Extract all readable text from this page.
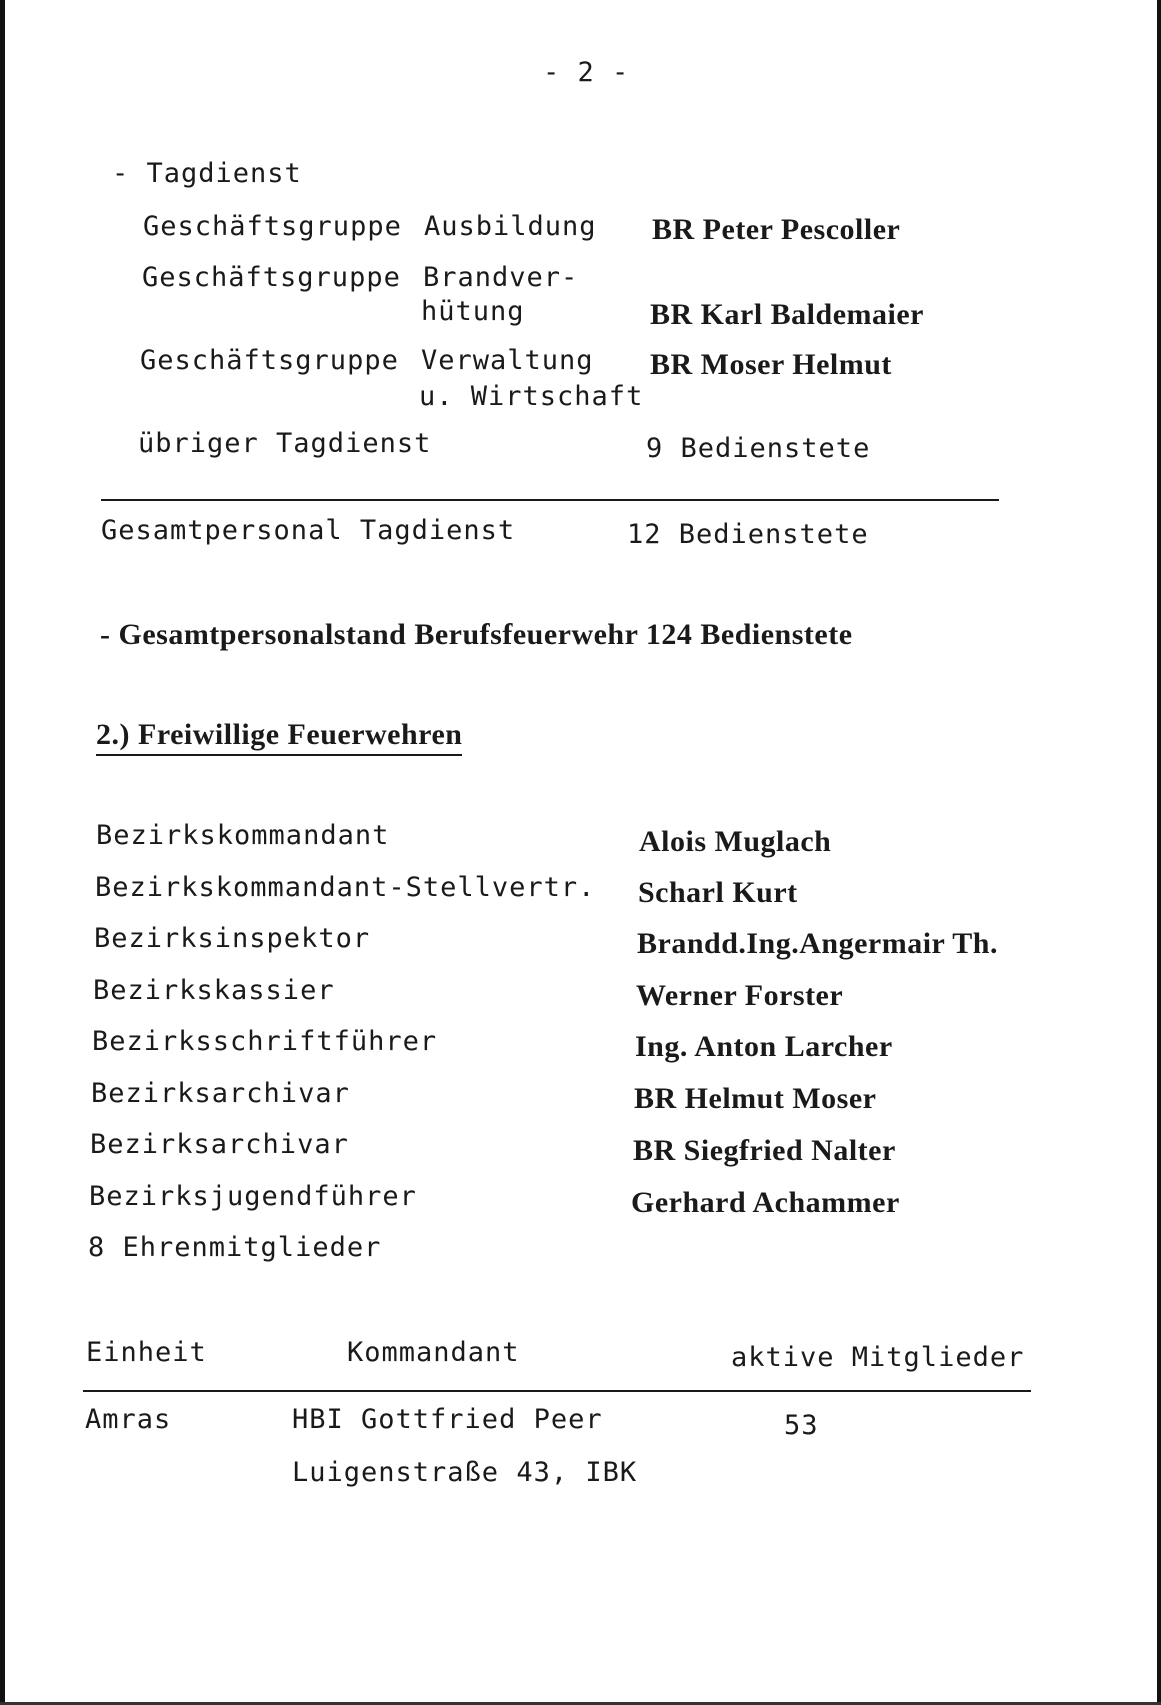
- 2 -
- Tagdienst
Geschäftsgruppe Ausbildung BR Peter Pescoller
Geschäftsgruppe Brandver-
hütung	BR Karl Baldemaier
Geschäftsgruppe Verwaltung
u. Wirtschaft
BR Moser Helmut
übriger Tagdienst	9 Bedienstete
Gesamtpersonal Tagdienst	12 Bedienstete
- Gesamtpersonalstand Berufsfeuerwehr 124 Bedienstete
2.) Freiwillige Feuerwehren
Bezirkskommandant	Alois Muglach
Bezirkskommandant-Stellvertr. Scharl Kurt
Bezirksinspektor	Brandd.Ing.Angermair Th.
Bezirkskassier	Werner Forster
Bezirksschriftführer	Ing. Anton Larcher
Bezirksarchivar	BR Helmut Moser
Bezirksarchivar	BR Siegfried Nalter
Bezirksjugendführer	Gerhard Achammer
8 Ehrenmitglieder
Einheit	Kommandant	aktive Mitglieder
Amras	HBI Gottfried Peer	53
Luigenstraße 43, IBK
